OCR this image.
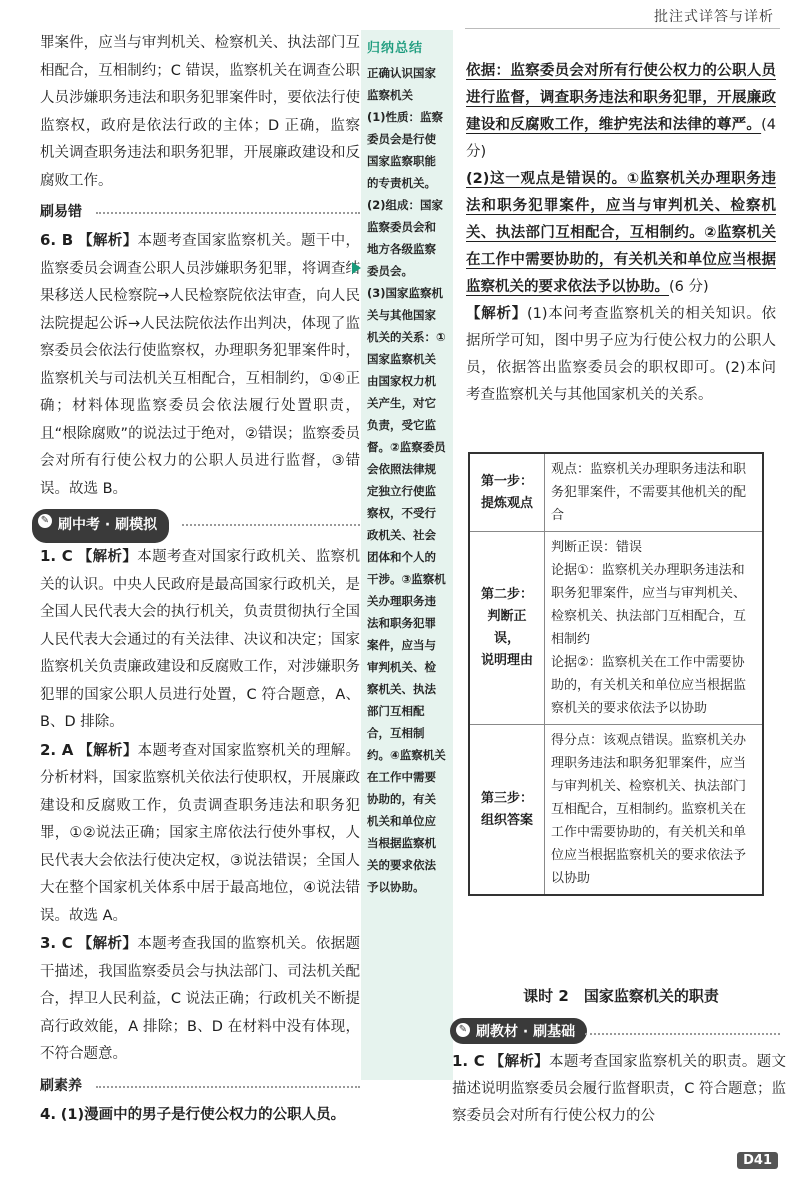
批注式详答与详析

罪案件，应当与审判机关、检察机关、执法部门互相配合，互相制约；C 错误，监察机关在调查公职人员涉嫌职务违法和职务犯罪案件时，要依法行使监察权，政府是依法行政的主体；D 正确，监察机关调查职务违法和职务犯罪，开展廉政建设和反腐败工作。

刷易错

6. B 【解析】本题考查国家监察机关。题干中，监察委员会调查公职人员涉嫌职务犯罪，将调查结果移送人民检察院→人民检察院依法审查，向人民法院提起公诉→人民法院依法作出判决，体现了监察委员会依法行使监察权，办理职务犯罪案件时，监察机关与司法机关互相配合，互相制约，①④正确；材料体现监察委员会依法履行处置职责，且“根除腐败”的说法过于绝对，②错误；监察委员会对所有行使公权力的公职人员进行监督，③错误。故选 B。

✎ 刷中考 · 刷模拟

1. C 【解析】本题考查对国家行政机关、监察机关的认识。中央人民政府是最高国家行政机关，是全国人民代表大会的执行机关，负责贯彻执行全国人民代表大会通过的有关法律、决议和决定；国家监察机关负责廉政建设和反腐败工作，对涉嫌职务犯罪的国家公职人员进行处置，C 符合题意，A、B、D 排除。

2. A 【解析】本题考查对国家监察机关的理解。分析材料，国家监察机关依法行使职权，开展廉政建设和反腐败工作，负责调查职务违法和职务犯罪，①②说法正确；国家主席依法行使外事权，人民代表大会依法行使决定权，③说法错误；全国人大在整个国家机关体系中居于最高地位，④说法错误。故选 A。

3. C 【解析】本题考查我国的监察机关。依据题干描述，我国监察委员会与执法部门、司法机关配合，捍卫人民利益，C 说法正确；行政机关不断提高行政效能，A 排除；B、D 在材料中没有体现，不符合题意。

刷素养

4. (1)漫画中的男子是行使公权力的公职人员。

归纳总结

正确认识国家监察机关
(1)性质：监察委员会是行使国家监察职能的专责机关。
(2)组成：国家监察委员会和地方各级监察委员会。
(3)国家监察机关与其他国家机关的关系：①国家监察机关由国家权力机关产生，对它负责，受它监督。②监察委员会依照法律规定独立行使监察权，不受行政机关、社会团体和个人的干涉。③监察机关办理职务违法和职务犯罪案件，应当与审判机关、检察机关、执法部门互相配合，互相制约。④监察机关在工作中需要协助的，有关机关和单位应当根据监察机关的要求依法予以协助。

依据：监察委员会对所有行使公权力的公职人员进行监督，调查职务违法和职务犯罪，开展廉政建设和反腐败工作，维护宪法和法律的尊严。(4 分)

(2)这一观点是错误的。①监察机关办理职务违法和职务犯罪案件，应当与审判机关、检察机关、执法部门互相配合，互相制约。②监察机关在工作中需要协助的，有关机关和单位应当根据监察机关的要求依法予以协助。(6 分)

【解析】(1)本问考查监察机关的相关知识。依据所学可知，图中男子应为行使公权力的公职人员，依据答出监察委员会的职权即可。(2)本问考查监察机关与其他国家机关的关系。

第一步：
提炼观点	观点：监察机关办理职务违法和职务犯罪案件，不需要其他机关的配合
第二步：
判断正误，
说明理由	判断正误：错误
论据①：监察机关办理职务违法和职务犯罪案件，应当与审判机关、检察机关、执法部门互相配合，互相制约
论据②：监察机关在工作中需要协助的，有关机关和单位应当根据监察机关的要求依法予以协助
第三步：
组织答案	得分点：该观点错误。监察机关办理职务违法和职务犯罪案件，应当与审判机关、检察机关、执法部门互相配合，互相制约。监察机关在工作中需要协助的，有关机关和单位应当根据监察机关的要求依法予以协助
课时 2　国家监察机关的职责
✎ 刷教材 · 刷基础

1. C 【解析】本题考查国家监察机关的职责。题文描述说明监察委员会履行监督职责，C 符合题意；监察委员会对所有行使公权力的公

D41
